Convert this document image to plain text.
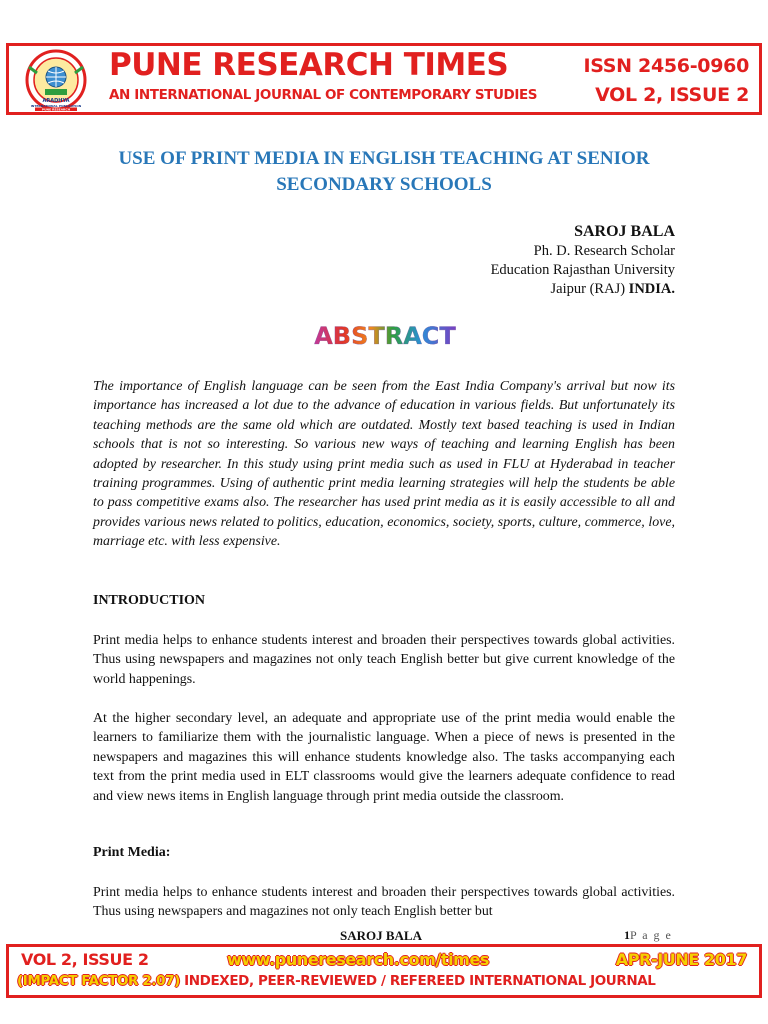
ARADHYA
INTERNATIONAL PUBLICATION
PUNE RESEARCH
PUNE RESEARCH TIMES
AN INTERNATIONAL JOURNAL OF CONTEMPORARY STUDIES
ISSN 2456-0960
VOL 2, ISSUE 2
USE OF PRINT MEDIA IN ENGLISH TEACHING AT SENIOR SECONDARY SCHOOLS
SAROJ BALA
Ph. D. Research Scholar
Education Rajasthan University
Jaipur (RAJ) INDIA.
ABSTRACT

The importance of English language can be seen from the East India Company's arrival but now its importance has increased a lot due to the advance of education in various fields. But unfortunately its teaching methods are the same old which are outdated. Mostly text based teaching is used in Indian schools that is not so interesting. So various new ways of teaching and learning English has been adopted by researcher. In this study using print media such as used in FLU at Hyderabad in teacher training programmes. Using of authentic print media learning strategies will help the students be able to pass competitive exams also. The researcher has used print media as it is easily accessible to all and provides various news related to politics, education, economics, society, sports, culture, commerce, love, marriage etc. with less expensive.

INTRODUCTION

Print media helps to enhance students interest and broaden their perspectives towards global activities. Thus using newspapers and magazines not only teach English better but give current knowledge of the world happenings.

At the higher secondary level, an adequate and appropriate use of the print media would enable the learners to familiarize them with the journalistic language. When a piece of news is presented in the newspapers and magazines this will enhance students knowledge also. The tasks accompanying each text from the print media used in ELT classrooms would give the learners adequate confidence to read and view news items in English language through print media outside the classroom.

Print Media:

Print media helps to enhance students interest and broaden their perspectives towards global activities. Thus using newspapers and magazines not only teach English better but

SAROJ BALA	1P a g e
VOL 2, ISSUE 2	www.puneresearch.com/times	APR-JUNE 2017
(IMPACT FACTOR 2.07) INDEXED, PEER-REVIEWED / REFEREED INTERNATIONAL JOURNAL
